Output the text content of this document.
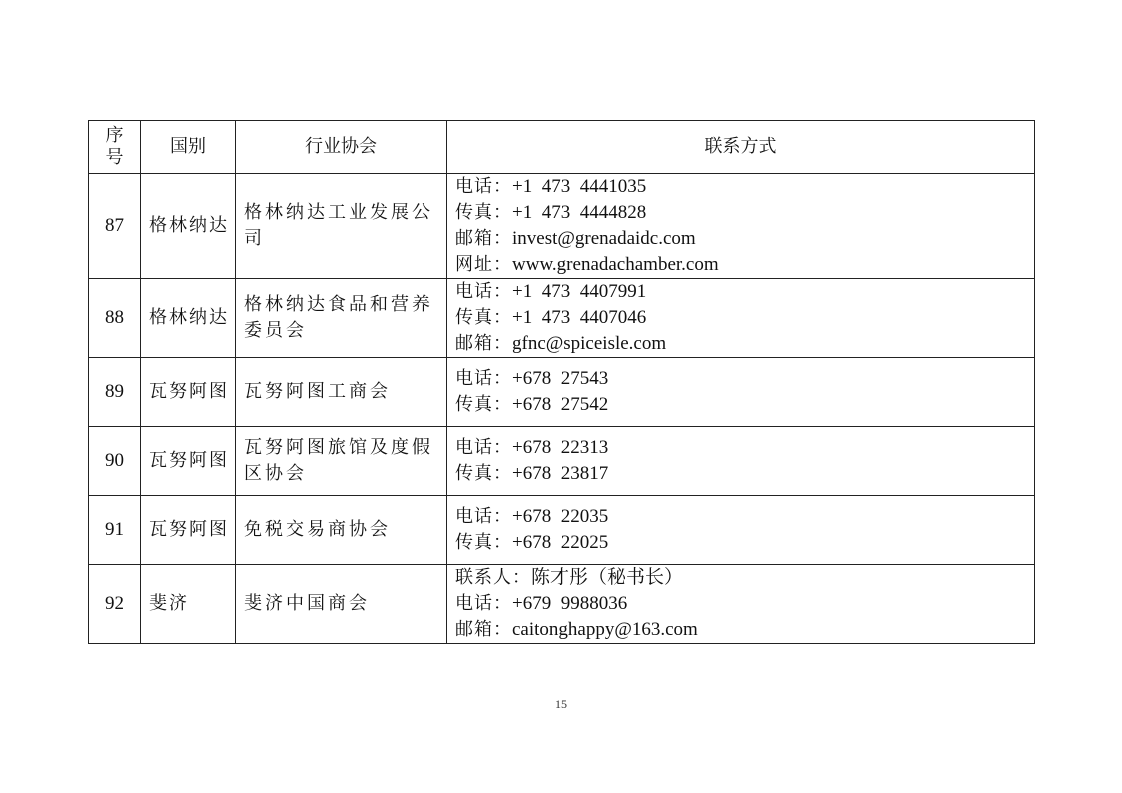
序
号	国别	行业协会	联系方式
87	格林纳达	格林纳达工业发展公司	电话：+1  473  4441035
传真：+1  473  4444828
邮箱：invest@grenadaidc.com
网址：www.grenadachamber.com

88	格林纳达	格林纳达食品和营养委员会	电话：+1  473  4407991
传真：+1  473  4407046
邮箱：gfnc@spiceisle.com

89	瓦努阿图	瓦努阿图工商会	电话：+678  27543
传真：+678  27542

90	瓦努阿图	瓦努阿图旅馆及度假区协会	电话：+678  22313
传真：+678  23817

91	瓦努阿图	免税交易商协会	电话：+678  22035
传真：+678  22025

92	斐济	斐济中国商会	联系人：陈才彤（秘书长）
电话：+679  9988036
邮箱：caitonghappy@163.com
15
